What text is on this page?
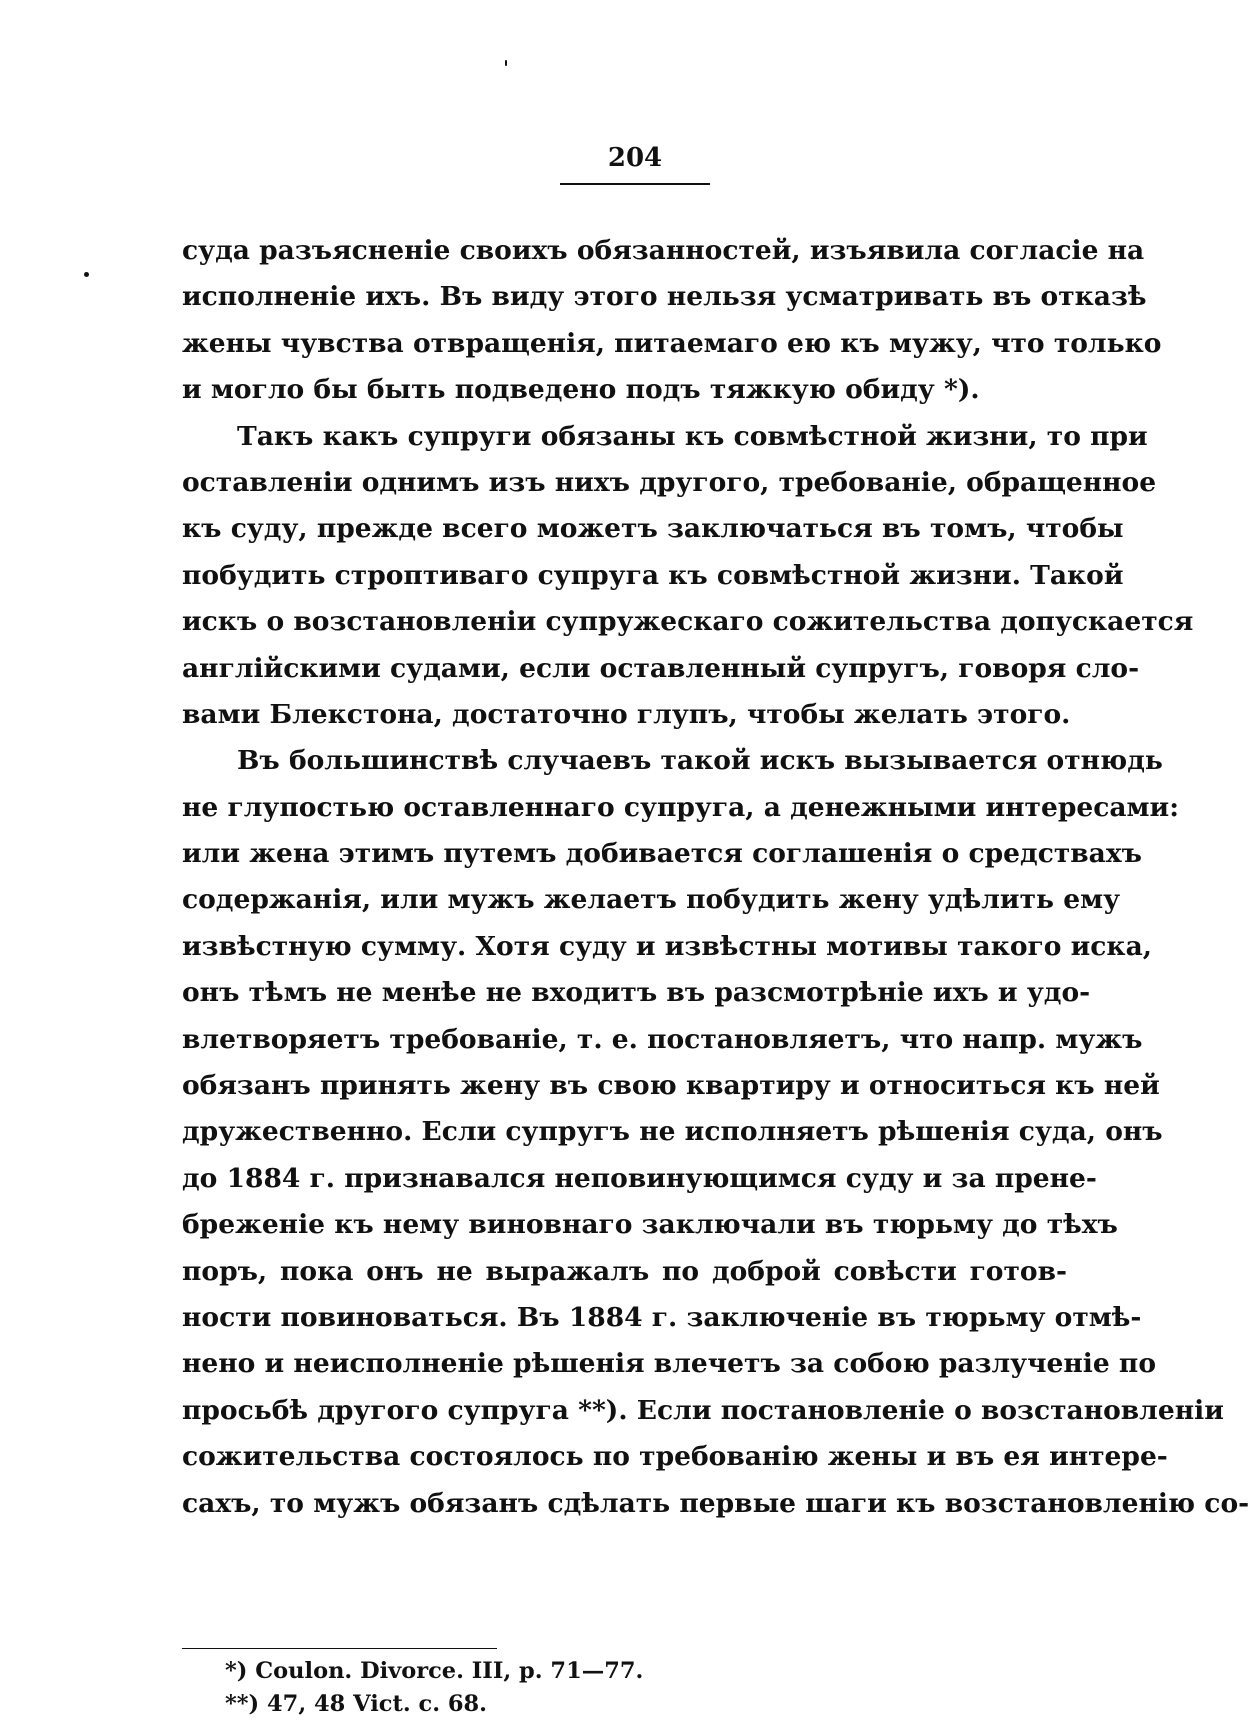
204
суда разъясненіе своихъ обязанностей, изъявила согласіе на
исполненіе ихъ. Въ виду этого нельзя усматривать въ отказѣ
жены чувства отвращенія, питаемаго ею къ мужу, что только
и могло бы быть подведено подъ тяжкую обиду *).
Такъ какъ супруги обязаны къ совмѣстной жизни, то при
оставленіи однимъ изъ нихъ другого, требованіе, обращенное
къ суду, прежде всего можетъ заключаться въ томъ, чтобы
побудить строптиваго супруга къ совмѣстной жизни. Такой
искъ о возстановленіи супружескаго сожительства допускается
англійскими судами, если оставленный супругъ, говоря сло-
вами Блекстона, достаточно глупъ, чтобы желать этого.
Въ большинствѣ случаевъ такой искъ вызывается отнюдь
не глупостью оставленнаго супруга, а денежными интересами:
или жена этимъ путемъ добивается соглашенія о средствахъ
содержанія, или мужъ желаетъ побудить жену удѣлить ему
извѣстную сумму. Хотя суду и извѣстны мотивы такого иска,
онъ тѣмъ не менѣе не входитъ въ разсмотрѣніе ихъ и удо-
влетворяетъ требованіе, т. е. постановляетъ, что напр. мужъ
обязанъ принять жену въ свою квартиру и относиться къ ней
дружественно. Если супругъ не исполняетъ рѣшенія суда, онъ
до 1884 г. признавался неповинующимся суду и за прене-
бреженіе къ нему виновнаго заключали въ тюрьму до тѣхъ
поръ, пока онъ не выражалъ по доброй совѣсти готов-
ности повиноваться. Въ 1884 г. заключеніе въ тюрьму отмѣ-
нено и неисполненіе рѣшенія влечетъ за собою разлученіе по
просьбѣ другого супруга **). Если постановленіе о возстановленіи
сожительства состоялось по требованію жены и въ ея интере-
сахъ, то мужъ обязанъ сдѣлать первые шаги къ возстановленію со-
*) Coulon. Divorce. III, p. 71—77.
**) 47, 48 Vict. c. 68.
